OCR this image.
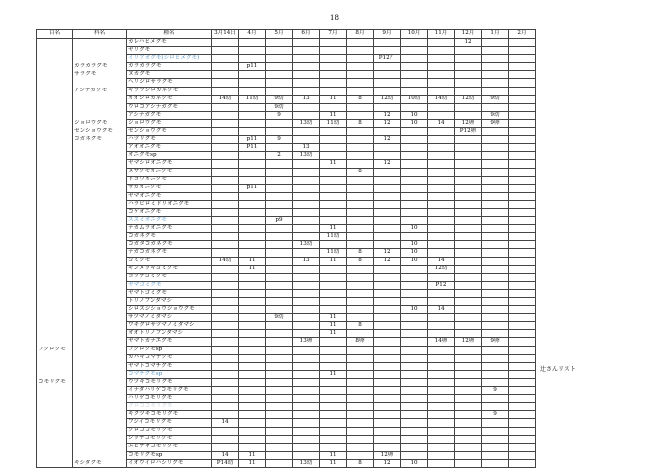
18
目名	科名	種名	3月14日	4月	5月	6月	7月	8月	9月	10月	11月	12月	1月	2月
		カレハヒメグモ										12		
		ヤリグモ												
		イリアオグモ(シロヒメグモ)							P12？					
	カラカラグモ	カラカラグモ		p11										
	サラグモ	ヌカグモ												
		ヘリジロサラグモ												
	アシナガグモ	キララシロカネグモ												
		オオシロカネグモ	14幼	11幼	9幼	13	11	8	12幼	10幼	14幼	12幼	9幼	
		ウロコアシナガグモ			9幼									
		アシナガグモ			9		11		12	10			9幼	
	ジョロウグモ	ジョロウグモ				13幼	11幼	8	12	10	14	12卵	9卵	
	センショウグモ	センショウグモ										P12卵		
	コガネグモ	ハツリグモ		p11	9				12					
		アオオニグモ		P11		13								
		オニグモsp			2	13幼								
		ヤマシロオニグモ					11		12					
		ヌサグモオニグモ						8						
		ドヨウオニグモ												
		サガオニグモ		p11										
		ヤマオニグモ												
		ハラビロミドリオニグモ												
		コケオニグモ												
		スズミオニグモ			p9									
		ナカムラオニグモ					11			10				
		コガネグモ					11幼							
		コガタコガネグモ				13幼				10				
		ナガコガネグモ					11幼	8	12	10				
		ゴミグモ	14幼	11		13	11	8	12	10	14			
		ギンメッキゴミグモ		11							12幼			
		ヨツデゴミグモ												
		ヤマゴミグモ									P12			
		ヤマトゴミグモ												
		トリノフンダマシ												
		シロスジショウジョウグモ								10	14			
		サツマノミダマシ			9幼		11							
		ワキグロサツマノミダマシ					11	8						
		オオトリノフンダマシ					11							
		ヤマトカナエグモ				13卵		8卵			14卵	12卵	9卵	
フクログモ		フクログモsp												
		カバキコマチグモ												
		ヤマトコマチグモ												
		コマチグモsp					11							
コモリグモ		ウヅキコモリグモ												
		イナダハリゲコモリグモ											9	
		ハリゲコモリグモ												
		クロココモリグモ												
		キクヅキコモリグモ											9	
		フジイコモリグモ	14											
		クロココモリグモ												
		シッチコモリグモ												
		エビチャコモリグモ												
		コモリグモsp	14	11			11		12卵					
	キシダグモ	イオウイロハシリグモ	P14幼	11		13幼	11	8	12	10				
辻さんリスト
